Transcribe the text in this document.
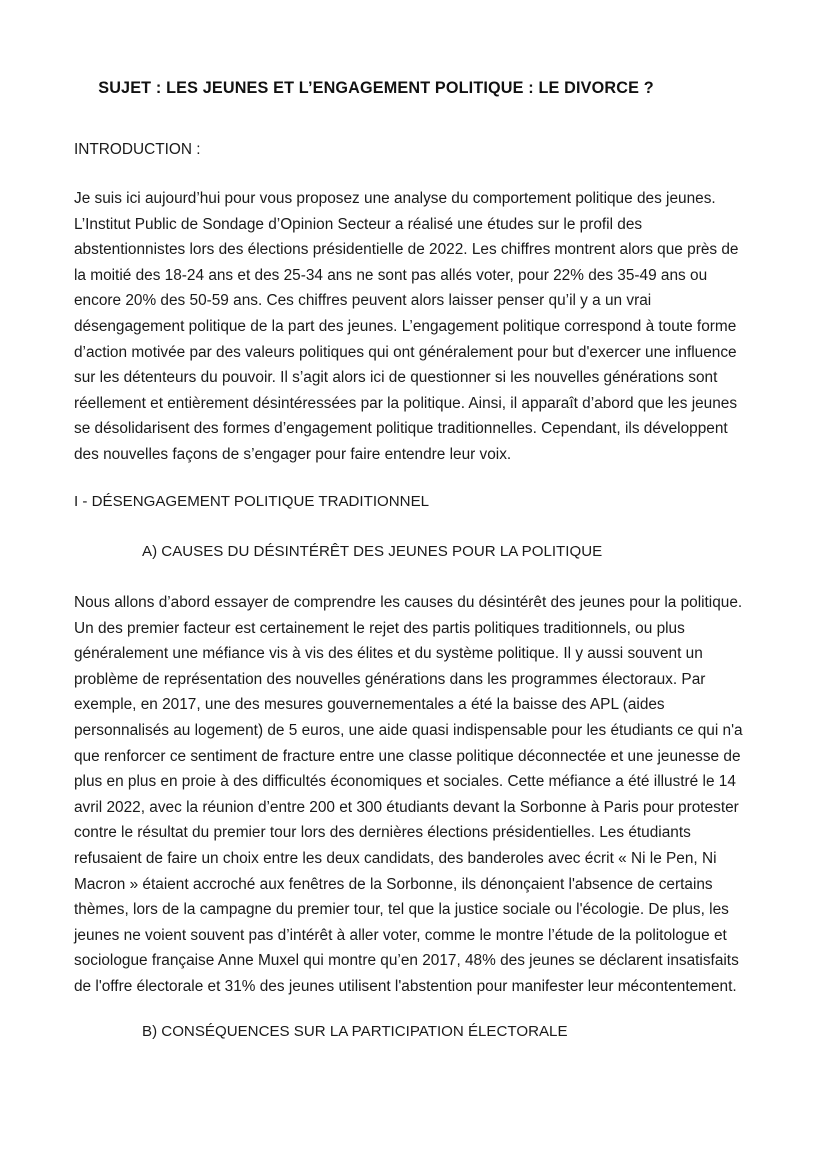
SUJET : LES JEUNES ET L’ENGAGEMENT POLITIQUE : LE DIVORCE ?
INTRODUCTION :

Je suis ici aujourd’hui pour vous proposez une analyse du comportement politique des jeunes. L’Institut Public de Sondage d’Opinion Secteur a réalisé une études sur le profil des abstentionnistes lors des élections présidentielle de 2022. Les chiffres montrent alors que près de la moitié des 18-24 ans et des 25-34 ans ne sont pas allés voter, pour 22% des 35-49 ans ou encore 20% des 50-59 ans. Ces chiffres peuvent alors laisser penser qu’il y a un vrai désengagement politique de la part des jeunes. L’engagement politique correspond à toute forme d’action motivée par des valeurs politiques qui ont généralement pour but d'exercer une influence sur les détenteurs du pouvoir. Il s’agit alors ici de questionner si les nouvelles générations sont réellement et entièrement désintéressées par la politique. Ainsi, il apparaît d’abord que les jeunes se désolidarisent des formes d’engagement politique traditionnelles. Cependant, ils développent des nouvelles façons de s’engager pour faire entendre leur voix.

I - DÉSENGAGEMENT POLITIQUE TRADITIONNEL
A) CAUSES DU DÉSINTÉRÊT DES JEUNES POUR LA POLITIQUE

Nous allons d’abord essayer de comprendre les causes du désintérêt des jeunes pour la politique. Un des premier facteur est certainement le rejet des partis politiques traditionnels, ou plus généralement une méfiance vis à vis des élites et du système politique. Il y aussi souvent un problème de représentation des nouvelles générations dans les programmes électoraux. Par exemple, en 2017, une des mesures gouvernementales a été la baisse des APL (aides personnalisés au logement) de 5 euros, une aide quasi indispensable pour les étudiants ce qui n'a que renforcer ce sentiment de fracture entre une classe politique déconnectée et une jeunesse de plus en plus en proie à des difficultés économiques et sociales. Cette méfiance a été illustré le 14 avril 2022, avec la réunion d’entre 200 et 300 étudiants devant la Sorbonne à Paris pour protester contre le résultat du premier tour lors des dernières élections présidentielles. Les étudiants refusaient de faire un choix entre les deux candidats, des banderoles avec écrit « Ni le Pen, Ni Macron » étaient accroché aux fenêtres de la Sorbonne, ils dénonçaient l'absence de certains thèmes, lors de la campagne du premier tour, tel que la justice sociale ou l'écologie. De plus, les jeunes ne voient souvent pas d’intérêt à aller voter, comme le montre l’étude de la politologue et sociologue française Anne Muxel qui montre qu’en 2017, 48% des jeunes se déclarent insatisfaits de l'offre électorale et 31% des jeunes utilisent l'abstention pour manifester leur mécontentement.

B) CONSÉQUENCES SUR LA PARTICIPATION ÉLECTORALE
